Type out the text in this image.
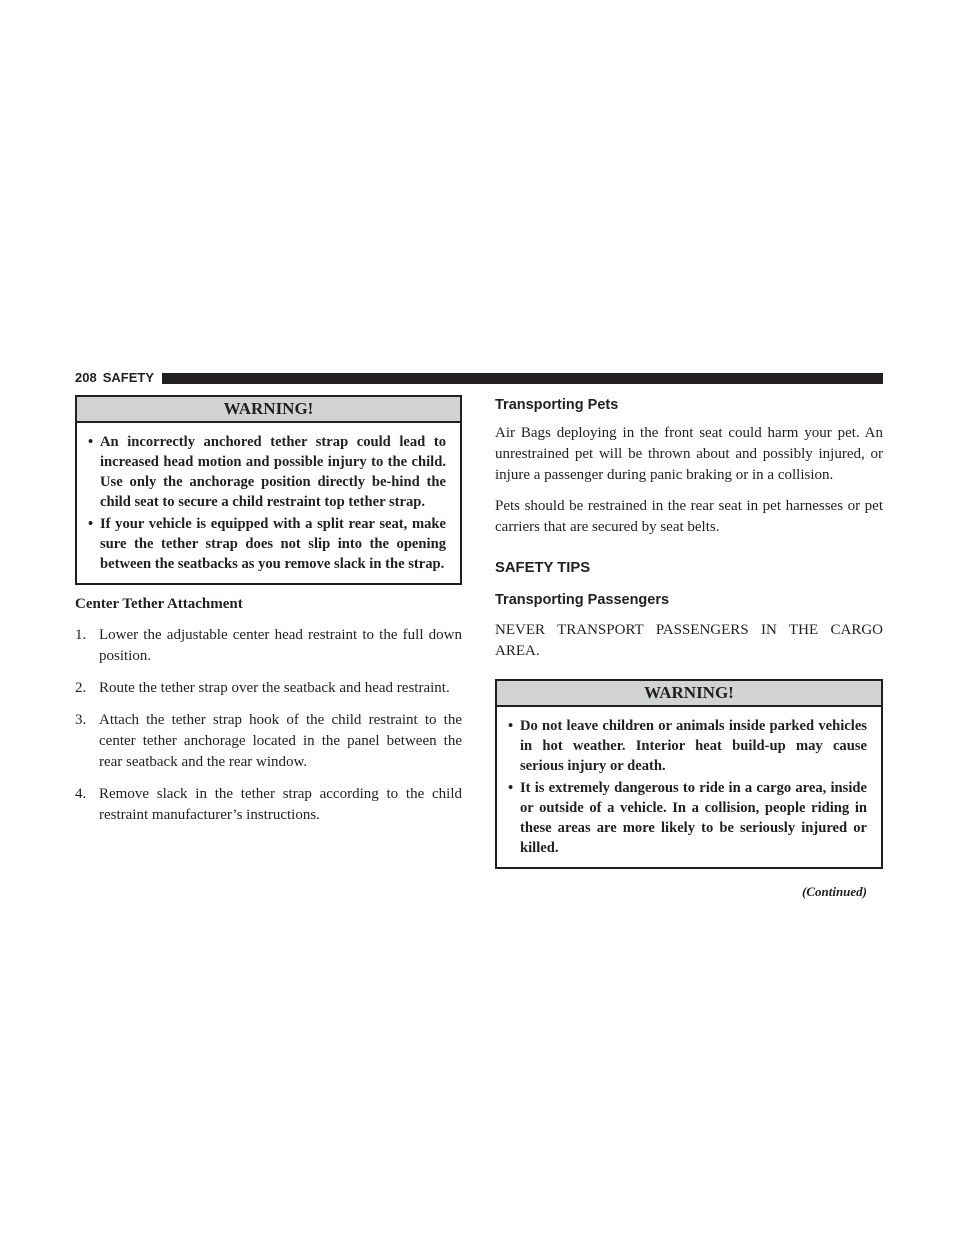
208 SAFETY
WARNING!
• An incorrectly anchored tether strap could lead to increased head motion and possible injury to the child. Use only the anchorage position directly be-hind the child seat to secure a child restraint top tether strap.
• If your vehicle is equipped with a split rear seat, make sure the tether strap does not slip into the opening between the seatbacks as you remove slack in the strap.

Center Tether Attachment

1. Lower the adjustable center head restraint to the full down position.
2. Route the tether strap over the seatback and head restraint.
3. Attach the tether strap hook of the child restraint to the center tether anchorage located in the panel between the rear seatback and the rear window.
4. Remove slack in the tether strap according to the child restraint manufacturer’s instructions.

Transporting Pets

Air Bags deploying in the front seat could harm your pet. An unrestrained pet will be thrown about and possibly injured, or injure a passenger during panic braking or in a collision.

Pets should be restrained in the rear seat in pet harnesses or pet carriers that are secured by seat belts.

SAFETY TIPS

Transporting Passengers

NEVER TRANSPORT PASSENGERS IN THE CARGO AREA.

WARNING!
• Do not leave children or animals inside parked vehicles in hot weather. Interior heat build-up may cause serious injury or death.
• It is extremely dangerous to ride in a cargo area, inside or outside of a vehicle. In a collision, people riding in these areas are more likely to be seriously injured or killed.
(Continued)
